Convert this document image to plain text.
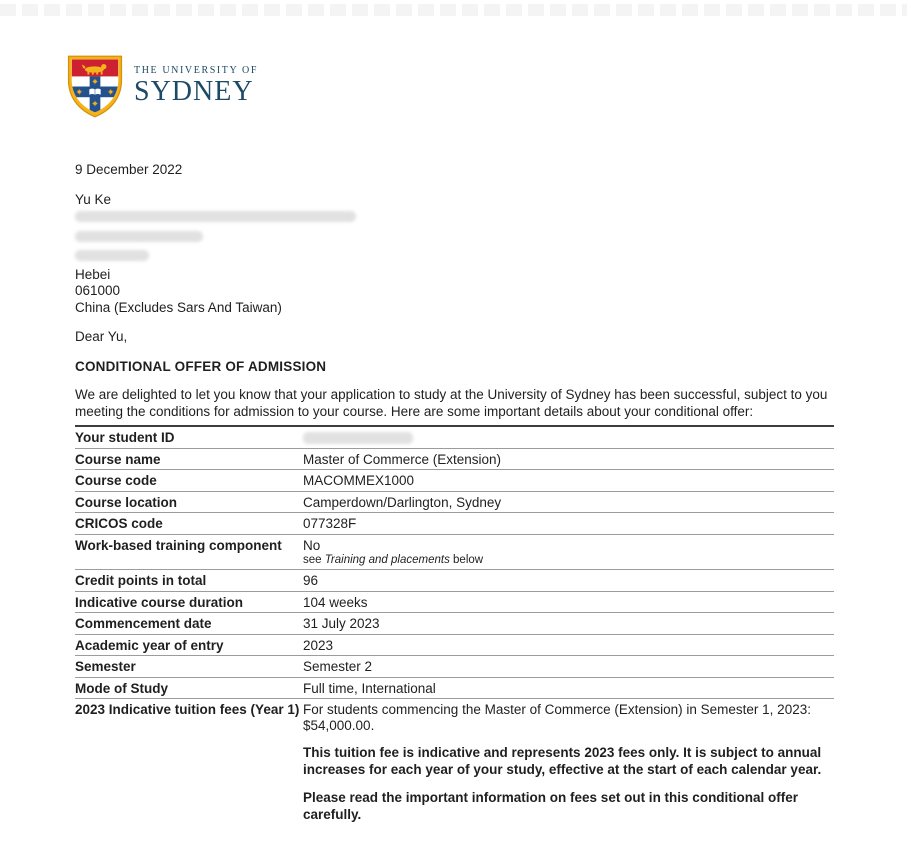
THE UNIVERSITY OF
SYDNEY
9 December 2022
Yu Ke
Hebei
061000
China (Excludes Sars And Taiwan)
Dear Yu,
CONDITIONAL OFFER OF ADMISSION
We are delighted to let you know that your application to study at the University of Sydney has been successful, subject to you meeting the conditions for admission to your course. Here are some important details about your conditional offer:
Your student ID	

Course name	Master of Commerce (Extension)
Course code	MACOMMEX1000
Course location	Camperdown/Darlington, Sydney
CRICOS code	077328F
Work-based training component	No
see Training and placements below

Credit points in total	96
Indicative course duration	104 weeks
Commencement date	31 July 2023
Academic year of entry	2023
Semester	Semester 2
Mode of Study	Full time, International
2023 Indicative tuition fees (Year 1)	For students commencing the Master of Commerce (Extension) in Semester 1, 2023: $54,000.00.

This tuition fee is indicative and represents 2023 fees only. It is subject to annual increases for each year of your study, effective at the start of each calendar year.

Please read the important information on fees set out in this conditional offer carefully.
